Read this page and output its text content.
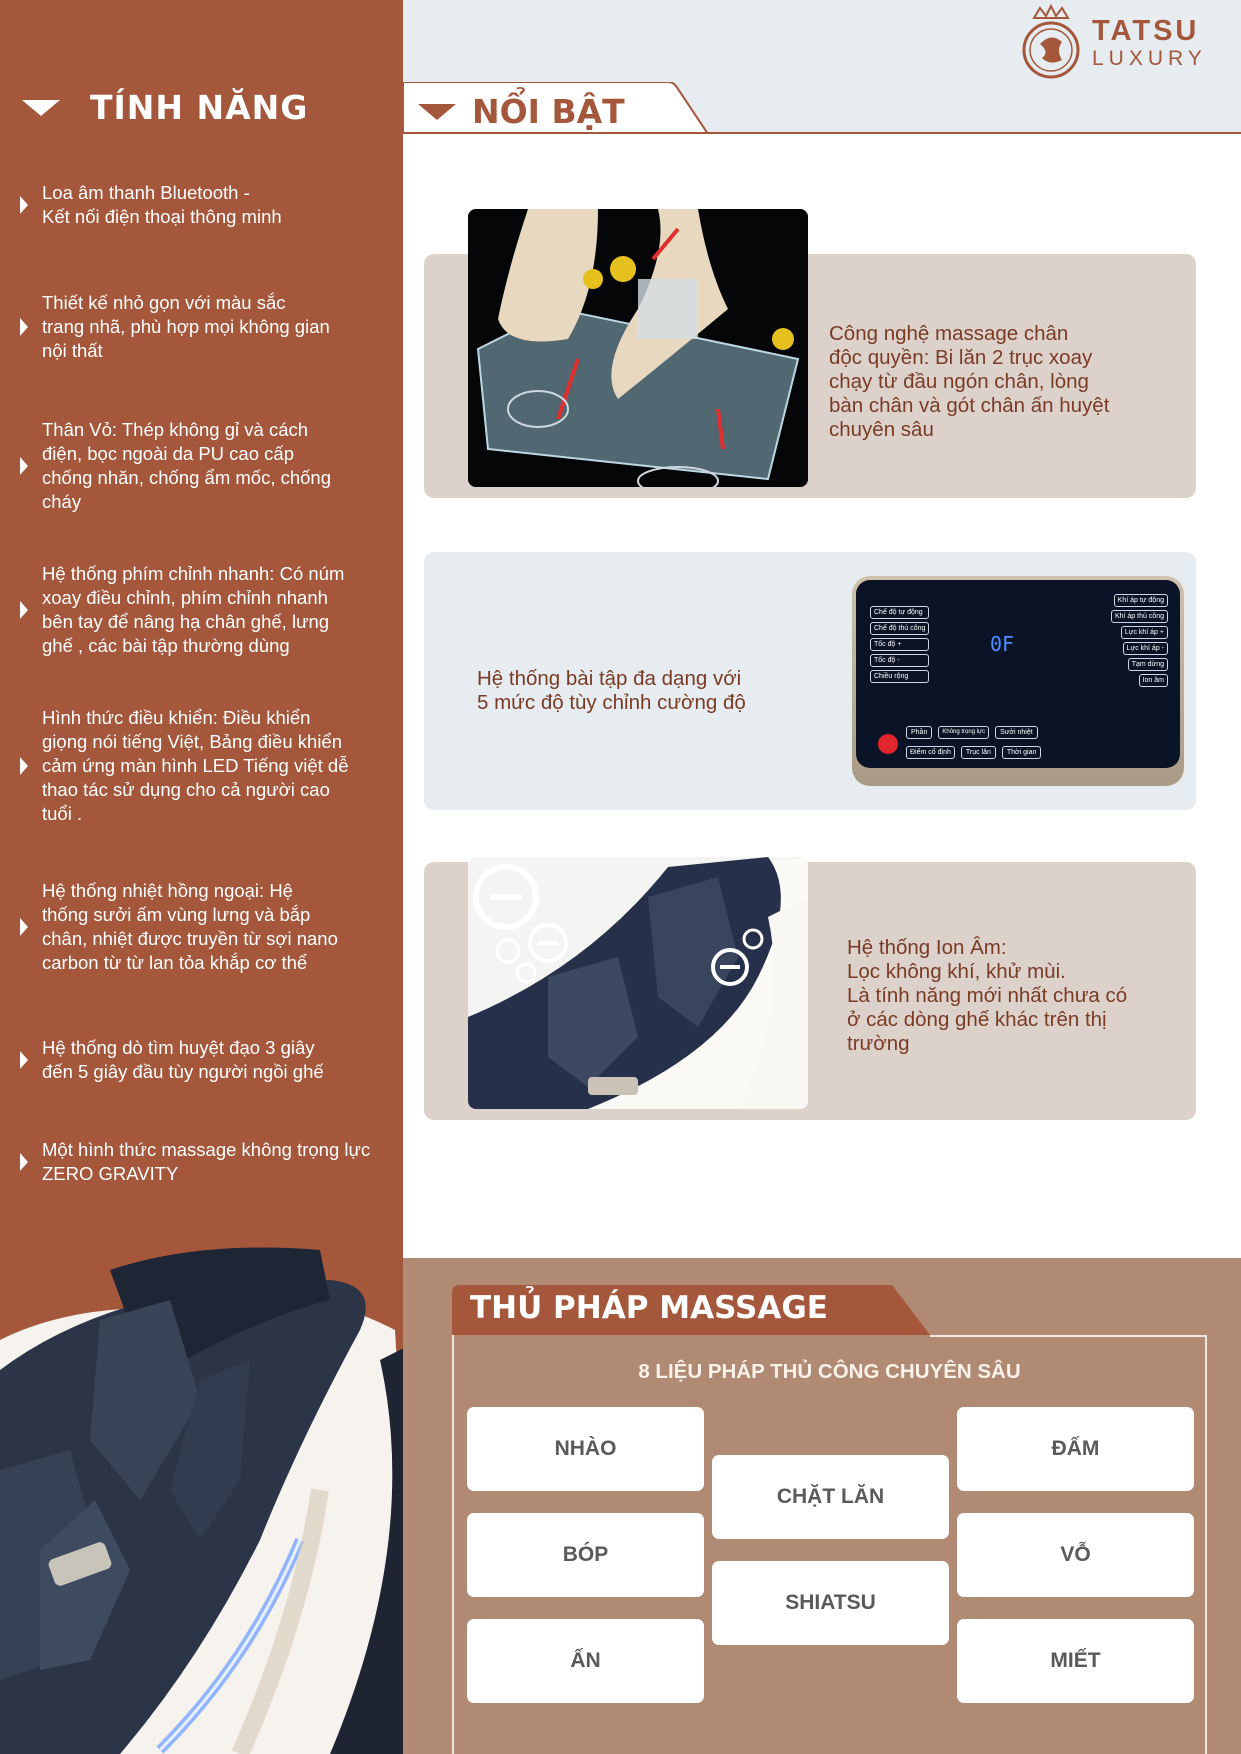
TÍNH NĂNG
Loa âm thanh Bluetooth -
Kết nối điện thoại thông minh
Thiết kế nhỏ gọn với màu sắc
trang nhã, phù hợp mọi không gian
nội thất
Thân Vỏ: Thép không gỉ và cách
điện, bọc ngoài da PU cao cấp
chống nhăn, chống ẩm mốc, chống
cháy
Hệ thống phím chỉnh nhanh: Có núm
xoay điều chỉnh, phím chỉnh nhanh
bên tay để nâng hạ chân ghế, lưng
ghế , các bài tập thường dùng
Hình thức điều khiển: Điều khiển
giọng nói tiếng Việt, Bảng điều khiển
cảm ứng màn hình LED Tiếng việt dễ
thao tác sử dụng cho cả người cao
tuổi .
Hệ thống nhiệt hồng ngoại: Hệ
thống sưởi ấm vùng lưng và bắp
chân, nhiệt được truyền từ sợi nano
carbon từ từ lan tỏa khắp cơ thể
Hệ thống dò tìm huyệt đạo 3 giây
đến 5 giây đầu tùy người ngồi ghế
Một hình thức massage không trọng lực
ZERO GRAVITY
NỔI BẬT
TATSU
LUXURY
Công nghệ massage chân
độc quyền: Bi lăn 2 trục xoay
chạy từ đầu ngón chân, lòng
bàn chân và gót chân ấn huyệt
chuyên sâu
Hệ thống bài tập đa dạng với
5 mức độ tùy chỉnh cường độ
0F
Chế độ tự động
Chế độ thủ công
Tốc độ +
Tốc độ -
Chiều rộng
Khí áp tự động
Khí áp thủ công
Lực khí áp +
Lực khí áp -
Tạm dừng
Ion âm
Phần	Không trọng lực	Sưởi nhiệt
Điểm cố định	Trục lăn	Thời gian
Hệ thống Ion Âm:
Lọc không khí, khử mùi.
Là tính năng mới nhất chưa có
ở các dòng ghế khác trên thị
trường
THỦ PHÁP MASSAGE
8 LIỆU PHÁP THỦ CÔNG CHUYÊN SÂU
NHÀO
BÓP
ẤN
CHẶT LĂN
SHIATSU
ĐẤM
VỖ
MIẾT
